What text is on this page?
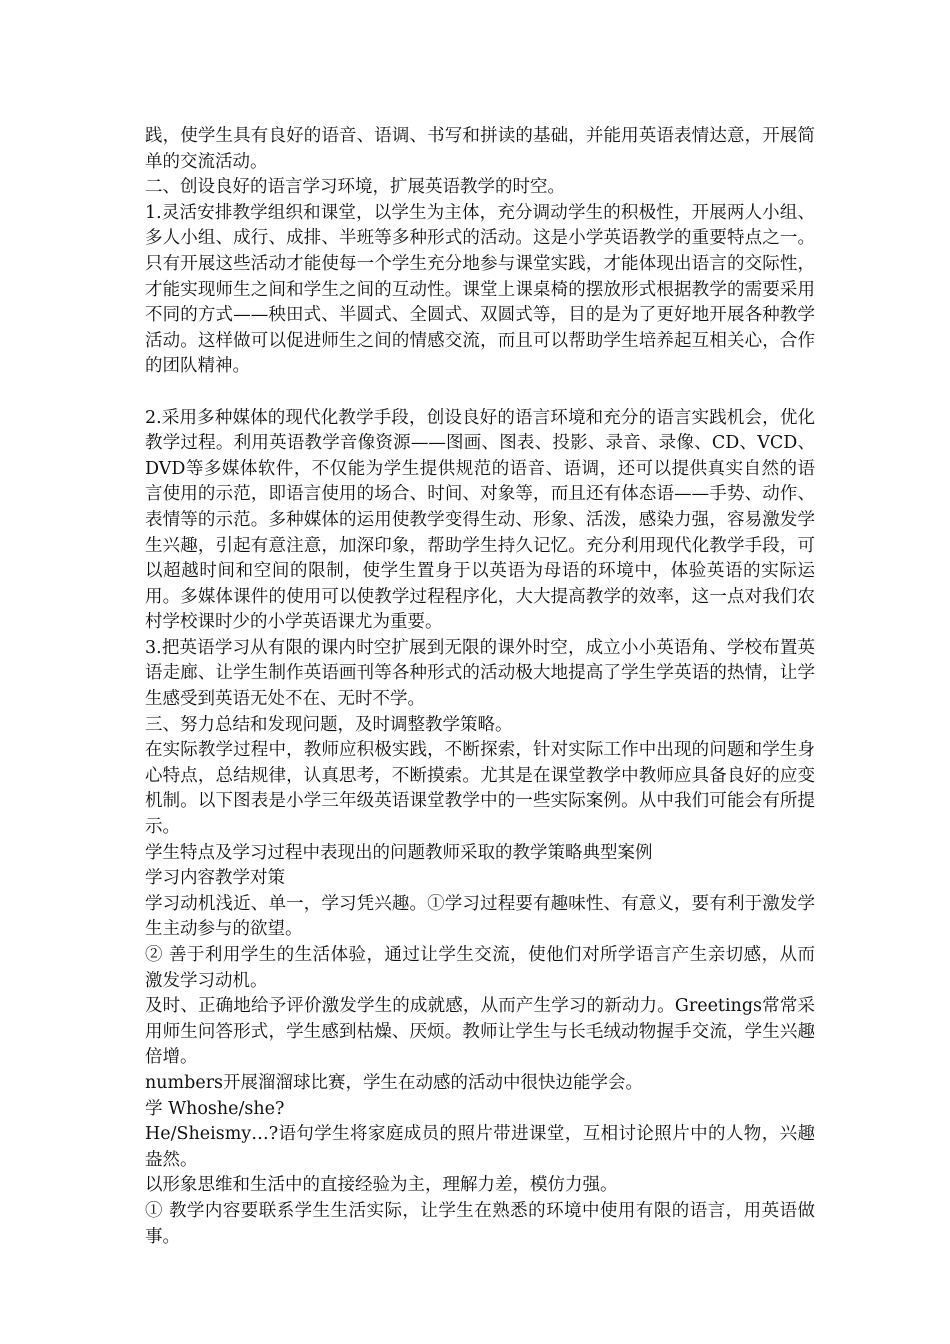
践，使学生具有良好的语音、语调、书写和拼读的基础，并能用英语表情达意，开展简单的交流活动。

二、创设良好的语言学习环境，扩展英语教学的时空。

1.灵活安排教学组织和课堂，以学生为主体，充分调动学生的积极性，开展两人小组、多人小组、成行、成排、半班等多种形式的活动。这是小学英语教学的重要特点之一。只有开展这些活动才能使每一个学生充分地参与课堂实践，才能体现出语言的交际性，才能实现师生之间和学生之间的互动性。课堂上课桌椅的摆放形式根据教学的需要采用不同的方式——秧田式、半圆式、全圆式、双圆式等，目的是为了更好地开展各种教学活动。这样做可以促进师生之间的情感交流，而且可以帮助学生培养起互相关心，合作的团队精神。

2.采用多种媒体的现代化教学手段，创设良好的语言环境和充分的语言实践机会，优化教学过程。利用英语教学音像资源——图画、图表、投影、录音、录像、CD、VCD、DVD等多媒体软件，不仅能为学生提供规范的语音、语调，还可以提供真实自然的语言使用的示范，即语言使用的场合、时间、对象等，而且还有体态语——手势、动作、表情等的示范。多种媒体的运用使教学变得生动、形象、活泼，感染力强，容易激发学生兴趣，引起有意注意，加深印象，帮助学生持久记忆。充分利用现代化教学手段，可以超越时间和空间的限制，使学生置身于以英语为母语的环境中，体验英语的实际运用。多媒体课件的使用可以使教学过程程序化，大大提高教学的效率，这一点对我们农村学校课时少的小学英语课尤为重要。

3.把英语学习从有限的课内时空扩展到无限的课外时空，成立小小英语角、学校布置英语走廊、让学生制作英语画刊等各种形式的活动极大地提高了学生学英语的热情，让学生感受到英语无处不在、无时不学。

三、努力总结和发现问题，及时调整教学策略。

在实际教学过程中，教师应积极实践，不断探索，针对实际工作中出现的问题和学生身心特点，总结规律，认真思考，不断摸索。尤其是在课堂教学中教师应具备良好的应变机制。以下图表是小学三年级英语课堂教学中的一些实际案例。从中我们可能会有所提示。

学生特点及学习过程中表现出的问题教师采取的教学策略典型案例

学习内容教学对策

学习动机浅近、单一，学习凭兴趣。①学习过程要有趣味性、有意义，要有利于激发学生主动参与的欲望。

② 善于利用学生的生活体验，通过让学生交流，使他们对所学语言产生亲切感，从而激发学习动机。

及时、正确地给予评价激发学生的成就感，从而产生学习的新动力。Greetings常常采用师生问答形式，学生感到枯燥、厌烦。教师让学生与长毛绒动物握手交流，学生兴趣倍增。

numbers开展溜溜球比赛，学生在动感的活动中很快边能学会。

学 Whoshe/she?

He/Sheismy…?语句学生将家庭成员的照片带进课堂，互相讨论照片中的人物，兴趣盎然。

以形象思维和生活中的直接经验为主，理解力差，模仿力强。

① 教学内容要联系学生生活实际，让学生在熟悉的环境中使用有限的语言，用英语做事。
